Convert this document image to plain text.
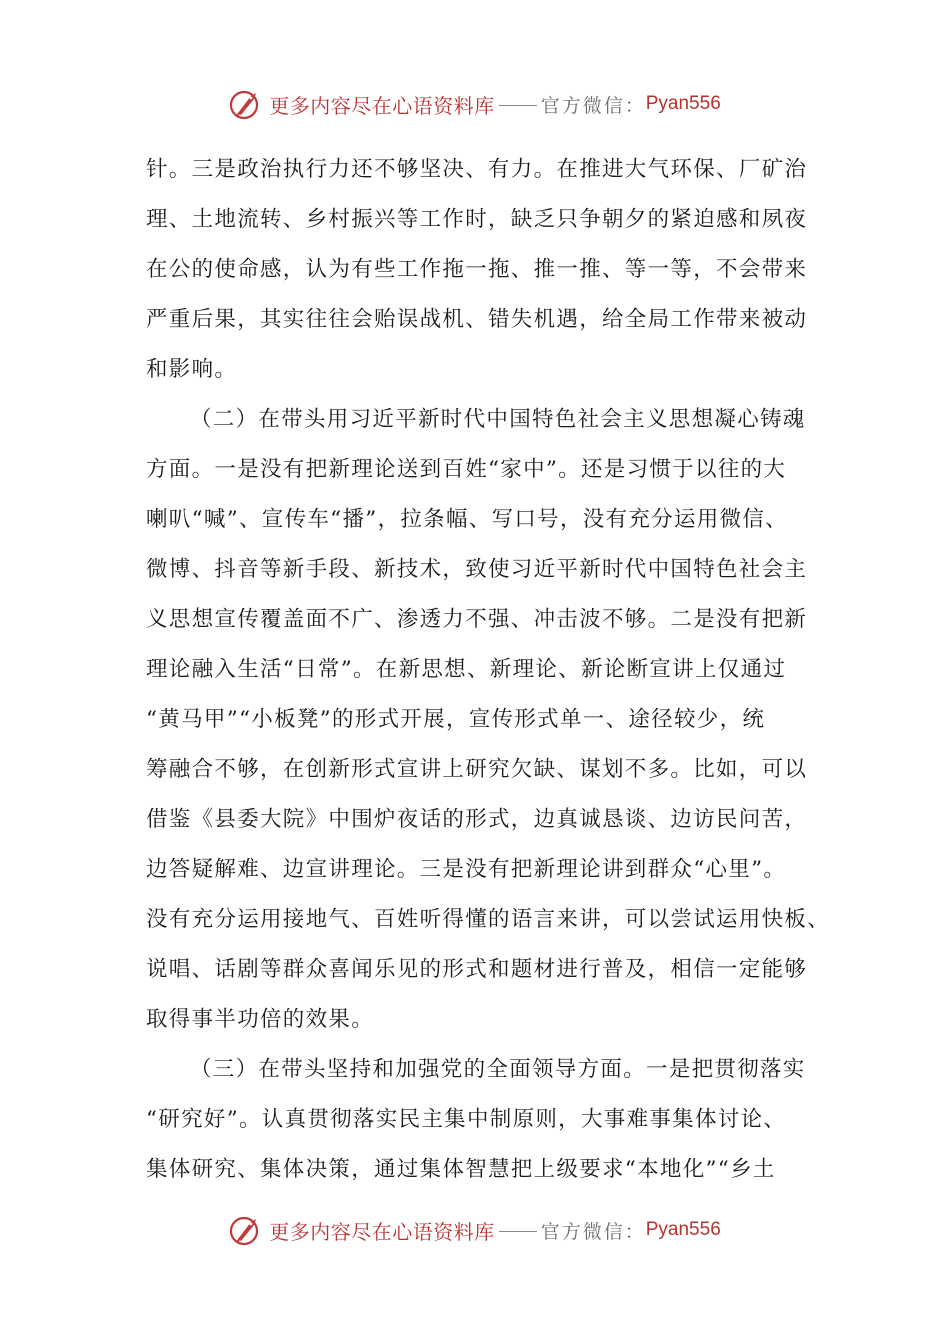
更多内容尽在心语资料库 官方微信： Pyan556
针。三是政治执行力还不够坚决、有力。在推进大气环保、厂矿治
理、土地流转、乡村振兴等工作时，缺乏只争朝夕的紧迫感和夙夜
在公的使命感，认为有些工作拖一拖、推一推、等一等，不会带来
严重后果，其实往往会贻误战机、错失机遇，给全局工作带来被动
和影响。
（二）在带头用习近平新时代中国特色社会主义思想凝心铸魂
方面。一是没有把新理论送到百姓“家中”。还是习惯于以往的大
喇叭“喊”、宣传车“播”，拉条幅、写口号，没有充分运用微信、
微博、抖音等新手段、新技术，致使习近平新时代中国特色社会主
义思想宣传覆盖面不广、渗透力不强、冲击波不够。二是没有把新
理论融入生活“日常”。在新思想、新理论、新论断宣讲上仅通过
“黄马甲”“小板凳”的形式开展，宣传形式单一、途径较少，统
筹融合不够，在创新形式宣讲上研究欠缺、谋划不多。比如，可以
借鉴《县委大院》中围炉夜话的形式，边真诚恳谈、边访民问苦，
边答疑解难、边宣讲理论。三是没有把新理论讲到群众“心里”。
没有充分运用接地气、百姓听得懂的语言来讲，可以尝试运用快板、
说唱、话剧等群众喜闻乐见的形式和题材进行普及，相信一定能够
取得事半功倍的效果。
（三）在带头坚持和加强党的全面领导方面。一是把贯彻落实
“研究好”。认真贯彻落实民主集中制原则，大事难事集体讨论、
集体研究、集体决策，通过集体智慧把上级要求“本地化”“乡土
更多内容尽在心语资料库 官方微信： Pyan556
